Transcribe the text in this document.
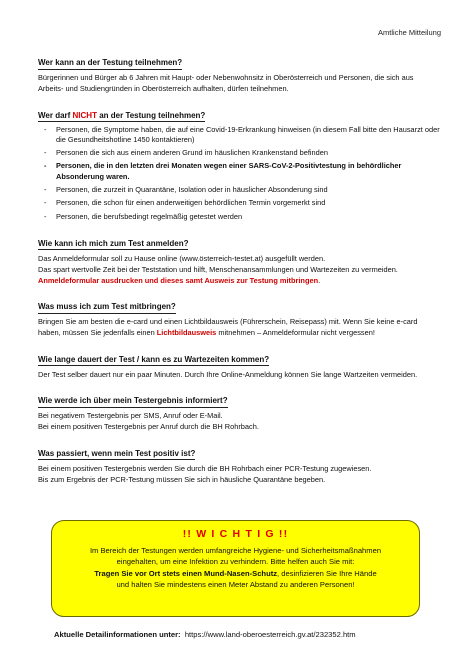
Amtliche Mitteilung
Wer kann an der Testung teilnehmen?
Bürgerinnen und Bürger ab 6 Jahren mit Haupt- oder Nebenwohnsitz in Oberösterreich und Personen, die sich aus Arbeits- und Studiengründen in Oberösterreich aufhalten, dürfen teilnehmen.
Wer darf NICHT an der Testung teilnehmen?
- Personen, die Symptome haben, die auf eine Covid-19-Erkrankung hinweisen (in diesem Fall bitte den Hausarzt oder die Gesundheitshotline 1450 kontaktieren)
- Personen die sich aus einem anderen Grund im häuslichen Krankenstand befinden
- Personen, die in den letzten drei Monaten wegen einer SARS-CoV-2-Positivtestung in behördlicher Absonderung waren.
- Personen, die zurzeit in Quarantäne, Isolation oder in häuslicher Absonderung sind
- Personen, die schon für einen anderweitigen behördlichen Termin vorgemerkt sind
- Personen, die berufsbedingt regelmäßig getestet werden
Wie kann ich mich zum Test anmelden?
Das Anmeldeformular soll zu Hause online (www.österreich-testet.at) ausgefüllt werden.
Das spart wertvolle Zeit bei der Teststation und hilft, Menschenansammlungen und Wartezeiten zu vermeiden. Anmeldeformular ausdrucken und dieses samt Ausweis zur Testung mitbringen.
Was muss ich zum Test mitbringen?
Bringen Sie am besten die e-card und einen Lichtbildausweis (Führerschein, Reisepass) mit. Wenn Sie keine e-card haben, müssen Sie jedenfalls einen Lichtbildausweis mitnehmen – Anmeldeformular nicht vergessen!
Wie lange dauert der Test / kann es zu Wartezeiten kommen?
Der Test selber dauert nur ein paar Minuten. Durch Ihre Online-Anmeldung können Sie lange Wartzeiten vermeiden.
Wie werde ich über mein Testergebnis informiert?
Bei negativem Testergebnis per SMS, Anruf oder E-Mail.
Bei einem positiven Testergebnis per Anruf durch die BH Rohrbach.
Was passiert, wenn mein Test positiv ist?
Bei einem positiven Testergebnis werden Sie durch die BH Rohrbach einer PCR-Testung zugewiesen.
Bis zum Ergebnis der PCR-Testung müssen Sie sich in häusliche Quarantäne begeben.
!! W I C H T I G !!
Im Bereich der Testungen werden umfangreiche Hygiene- und Sicherheitsmaßnahmen
eingehalten, um eine Infektion zu verhindern. Bitte helfen auch Sie mit:
Tragen Sie vor Ort stets einen Mund-Nasen-Schutz, desinfizieren Sie Ihre Hände
und halten Sie mindestens einen Meter Abstand zu anderen Personen!
Aktuelle Detailinformationen unter: https://www.land-oberoesterreich.gv.at/232352.htm
